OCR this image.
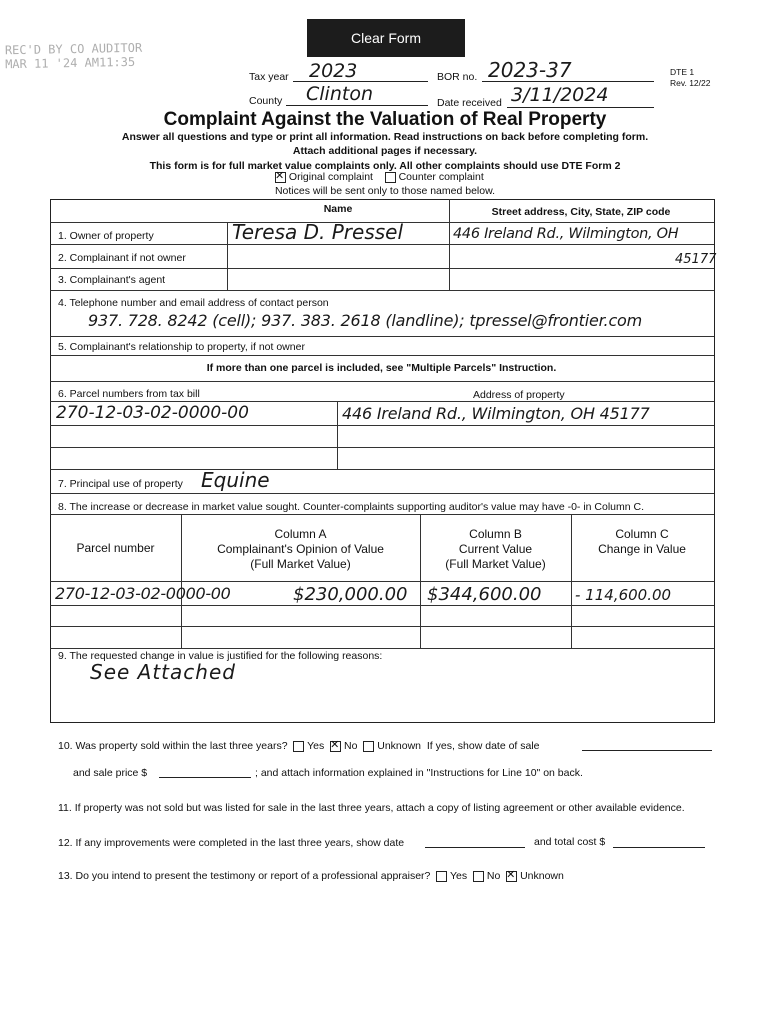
Clear Form
REC'D BY CO AUDITOR
MAR 11 '24 AM11:35
Tax year	2023	BOR no. 2023-37	DTE 1
Rev. 12/22
County	Clinton	Date received 3/11/2024
Complaint Against the Valuation of Real Property
Answer all questions and type or print all information. Read instructions on back before completing form.
Attach additional pages if necessary.
This form is for full market value complaints only. All other complaints should use DTE Form 2
✕ Original complaint Counter complaint
Notices will be sent only to those named below.
Name	Street address, City, State, ZIP code
1. Owner of property	Teresa D. Pressel	446 Ireland Rd., Wilmington, OH
45177
2. Complainant if not owner
3. Complainant's agent
4. Telephone number and email address of contact person
937. 728. 8242 (cell); 937. 383. 2618 (landline); tpressel@frontier.com
5. Complainant's relationship to property, if not owner
If more than one parcel is included, see "Multiple Parcels" Instruction.
6. Parcel numbers from tax bill	Address of property
270-12-03-02-0000-00	446 Ireland Rd., Wilmington, OH 45177
7. Principal use of property Equine
8. The increase or decrease in market value sought. Counter-complaints supporting auditor's value may have -0- in Column C.
Parcel number
Column A
Complainant's Opinion of Value
(Full Market Value)
Column B
Current Value
(Full Market Value)
Column C
Change in Value
270-12-03-02-0000-00	$230,000.00 $344,600.00 - 114,600.00
9. The requested change in value is justified for the following reasons:
See Attached
10. Was property sold within the last three years? Yes ✕ No Unknown If yes, show date of sale
and sale price $	; and attach information explained in "Instructions for Line 10" on back.
11. If property was not sold but was listed for sale in the last three years, attach a copy of listing agreement or other available evidence.
12. If any improvements were completed in the last three years, show date	and total cost $
13. Do you intend to present the testimony or report of a professional appraiser? Yes No ✕ Unknown
